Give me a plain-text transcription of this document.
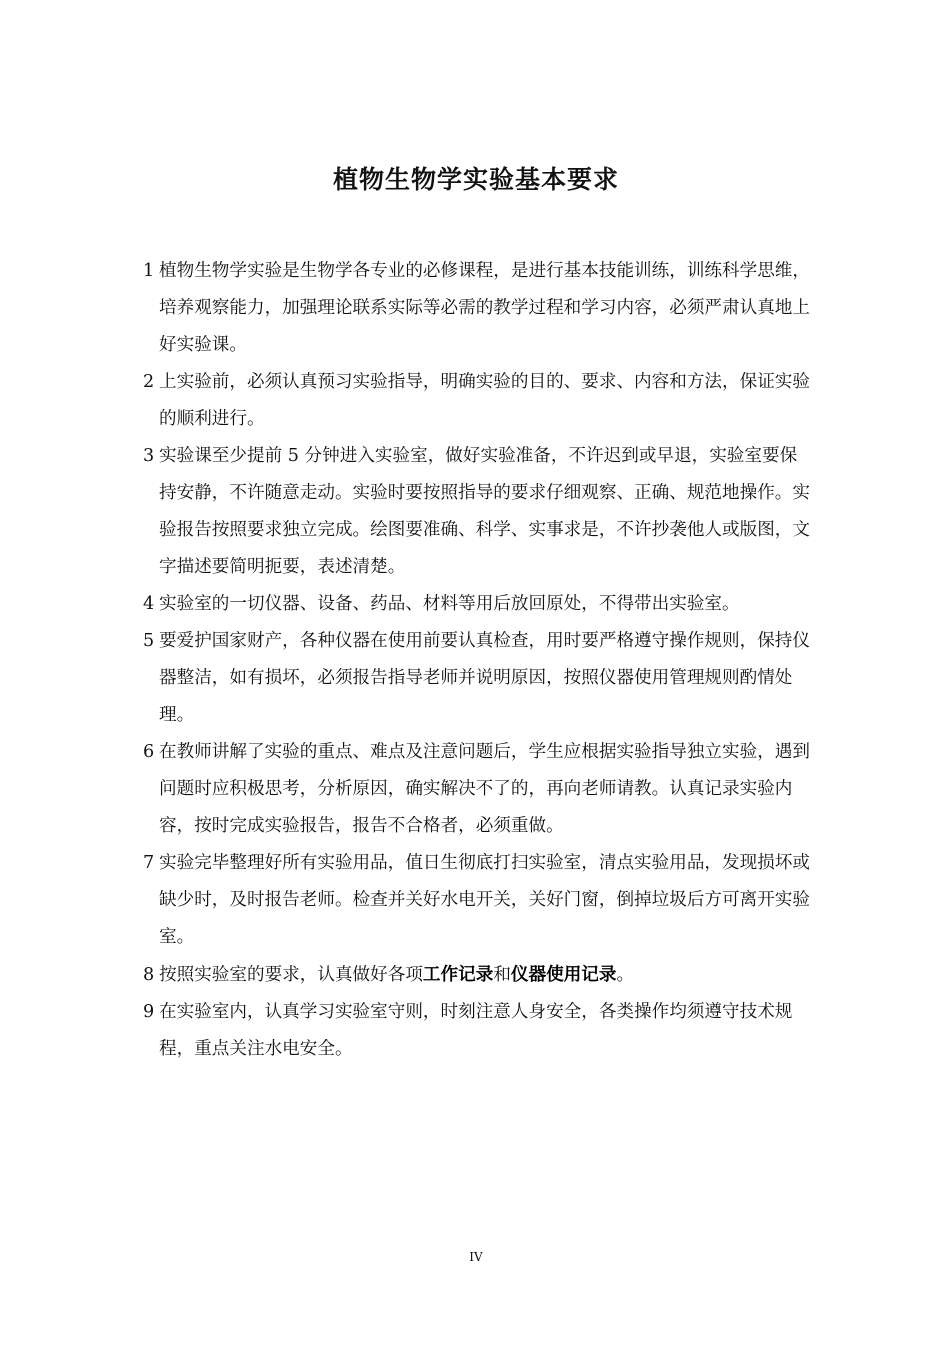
植物生物学实验基本要求
1 植物生物学实验是生物学各专业的必修课程，是进行基本技能训练，训练科学思维，培养观察能力，加强理论联系实际等必需的教学过程和学习内容，必须严肃认真地上好实验课。
2 上实验前，必须认真预习实验指导，明确实验的目的、要求、内容和方法，保证实验的顺利进行。
3 实验课至少提前 5 分钟进入实验室，做好实验准备，不许迟到或早退，实验室要保持安静，不许随意走动。实验时要按照指导的要求仔细观察、正确、规范地操作。实验报告按照要求独立完成。绘图要准确、科学、实事求是，不许抄袭他人或版图，文字描述要简明扼要，表述清楚。
4 实验室的一切仪器、设备、药品、材料等用后放回原处，不得带出实验室。
5 要爱护国家财产，各种仪器在使用前要认真检查，用时要严格遵守操作规则，保持仪器整洁，如有损坏，必须报告指导老师并说明原因，按照仪器使用管理规则酌情处理。
6 在教师讲解了实验的重点、难点及注意问题后，学生应根据实验指导独立实验，遇到问题时应积极思考，分析原因，确实解决不了的，再向老师请教。认真记录实验内容，按时完成实验报告，报告不合格者，必须重做。
7 实验完毕整理好所有实验用品，值日生彻底打扫实验室，清点实验用品，发现损坏或缺少时，及时报告老师。检查并关好水电开关，关好门窗，倒掉垃圾后方可离开实验室。
8 按照实验室的要求，认真做好各项工作记录和仪器使用记录。
9 在实验室内，认真学习实验室守则，时刻注意人身安全，各类操作均须遵守技术规程，重点关注水电安全。
IV
